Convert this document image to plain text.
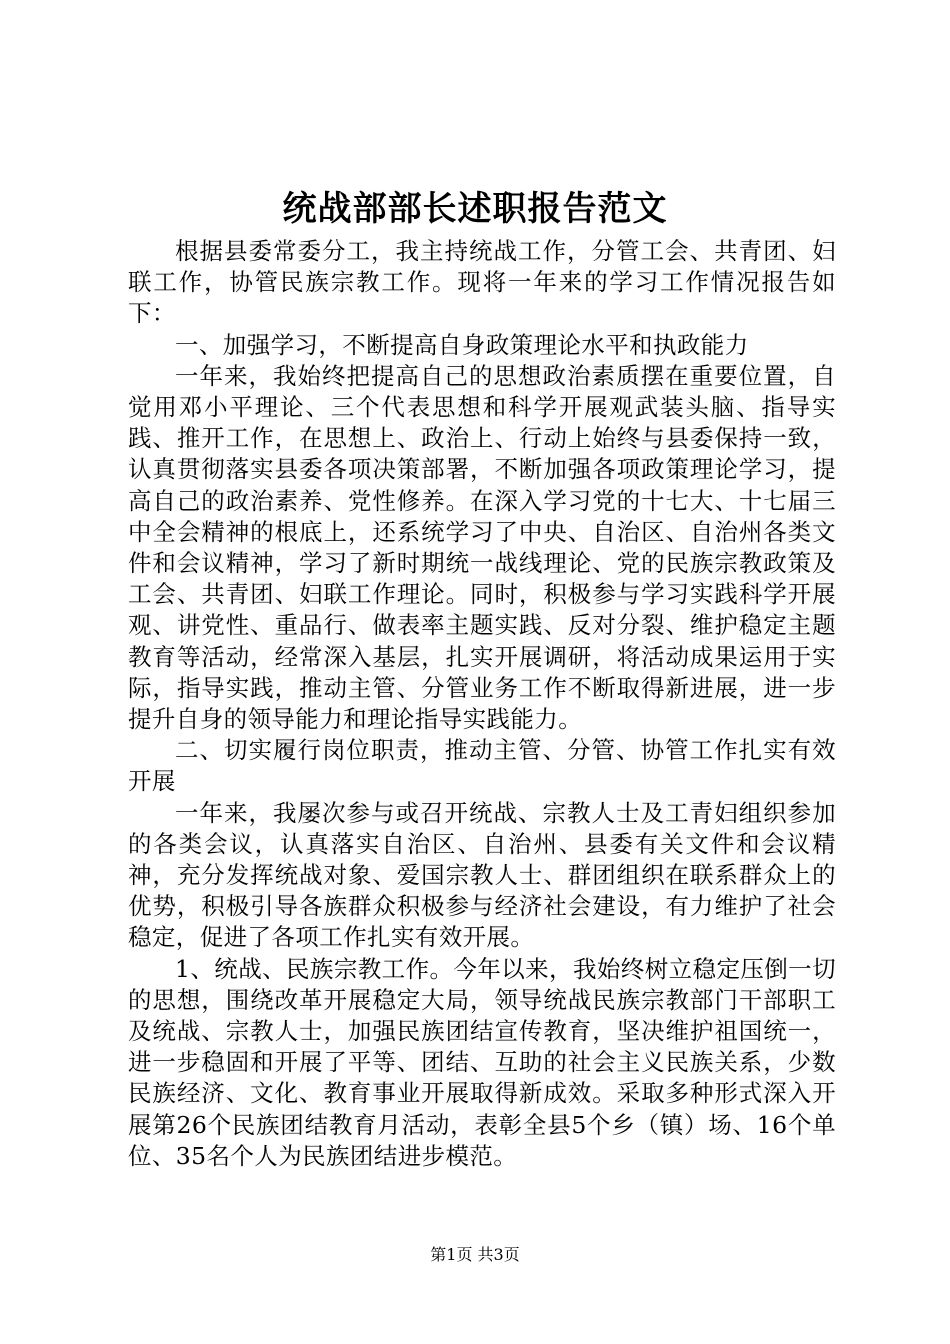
统战部部长述职报告范文

根据县委常委分工，我主持统战工作，分管工会、共青团、妇联工作，协管民族宗教工作。现将一年来的学习工作情况报告如下：

一、加强学习，不断提高自身政策理论水平和执政能力

一年来，我始终把提高自己的思想政治素质摆在重要位置，自觉用邓小平理论、三个代表思想和科学开展观武装头脑、指导实践、推开工作，在思想上、政治上、行动上始终与县委保持一致，认真贯彻落实县委各项决策部署，不断加强各项政策理论学习，提高自己的政治素养、党性修养。在深入学习党的十七大、十七届三中全会精神的根底上，还系统学习了中央、自治区、自治州各类文件和会议精神，学习了新时期统一战线理论、党的民族宗教政策及工会、共青团、妇联工作理论。同时，积极参与学习实践科学开展观、讲党性、重品行、做表率主题实践、反对分裂、维护稳定主题教育等活动，经常深入基层，扎实开展调研，将活动成果运用于实际，指导实践，推动主管、分管业务工作不断取得新进展，进一步提升自身的领导能力和理论指导实践能力。

二、切实履行岗位职责，推动主管、分管、协管工作扎实有效开展

一年来，我屡次参与或召开统战、宗教人士及工青妇组织参加的各类会议，认真落实自治区、自治州、县委有关文件和会议精神，充分发挥统战对象、爱国宗教人士、群团组织在联系群众上的优势，积极引导各族群众积极参与经济社会建设，有力维护了社会稳定，促进了各项工作扎实有效开展。

1、统战、民族宗教工作。今年以来，我始终树立稳定压倒一切的思想，围绕改革开展稳定大局，领导统战民族宗教部门干部职工及统战、宗教人士，加强民族团结宣传教育，坚决维护祖国统一，进一步稳固和开展了平等、团结、互助的社会主义民族关系，少数民族经济、文化、教育事业开展取得新成效。采取多种形式深入开展第26个民族团结教育月活动，表彰全县5个乡（镇）场、16个单位、35名个人为民族团结进步模范。

第1页 共3页
